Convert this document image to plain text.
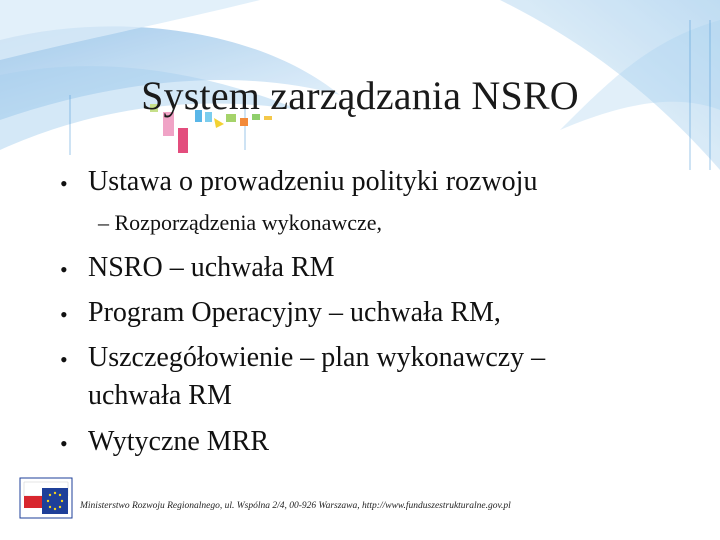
System zarządzania NSRO
• Ustawa o prowadzeniu polityki rozwoju
– Rozporządzenia wykonawcze,
• NSRO – uchwała RM
• Program Operacyjny – uchwała RM,
• Uszczegółowienie – plan wykonawczy –
uchwała RM
• Wytyczne MRR
Ministerstwo Rozwoju Regionalnego, ul. Wspólna 2/4, 00-926 Warszawa, http://www.funduszestrukturalne.gov.pl
